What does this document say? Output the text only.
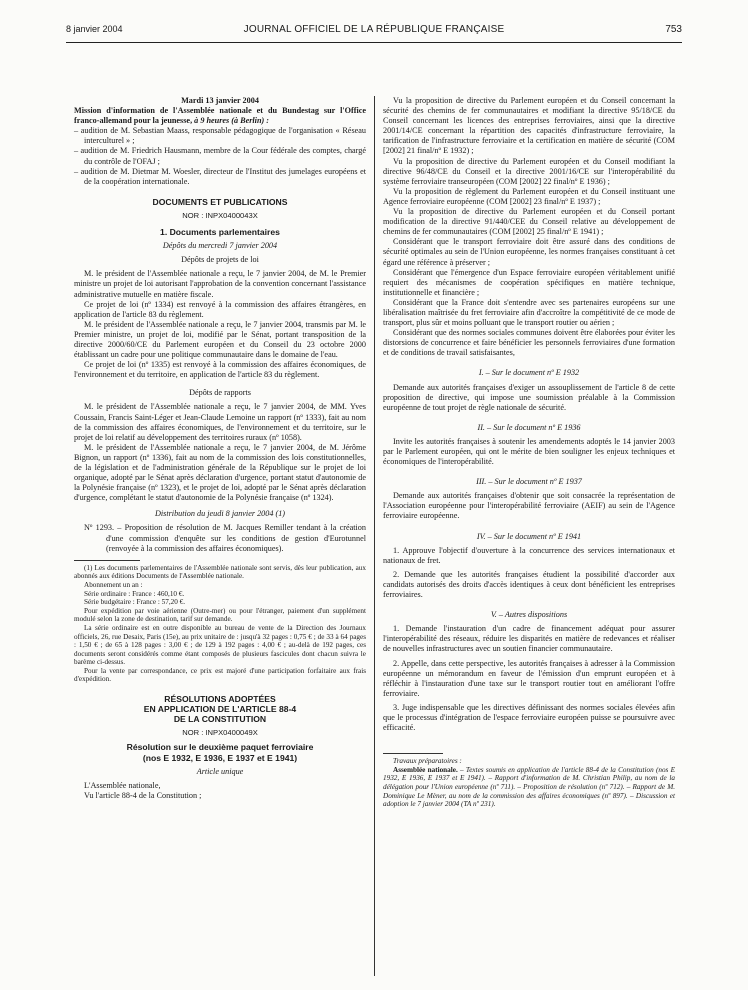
8 janvier 2004	JOURNAL OFFICIEL DE LA RÉPUBLIQUE FRANÇAISE	753

Mardi 13 janvier 2004

Mission d'information de l'Assemblée nationale et du Bundestag sur l'Office franco-allemand pour la jeunesse, à 9 heures (à Berlin) :

– audition de M. Sebastian Maass, responsable pédagogique de l'organisation « Réseau interculturel » ;

– audition de M. Friedrich Hausmann, membre de la Cour fédérale des comptes, chargé du contrôle de l'OFAJ ;

– audition de M. Dietmar M. Woesler, directeur de l'Institut des jumelages européens et de la coopération internationale.

DOCUMENTS ET PUBLICATIONS

NOR : INPX0400043X

1. Documents parlementaires

Dépôts du mercredi 7 janvier 2004

Dépôts de projets de loi

M. le président de l'Assemblée nationale a reçu, le 7 janvier 2004, de M. le Premier ministre un projet de loi autorisant l'approbation de la convention concernant l'assistance administrative mutuelle en matière fiscale.

Ce projet de loi (nº 1334) est renvoyé à la commission des affaires étrangères, en application de l'article 83 du règlement.

M. le président de l'Assemblée nationale a reçu, le 7 janvier 2004, transmis par M. le Premier ministre, un projet de loi, modifié par le Sénat, portant transposition de la directive 2000/60/CE du Parlement européen et du Conseil du 23 octobre 2000 établissant un cadre pour une politique communautaire dans le domaine de l'eau.

Ce projet de loi (nº 1335) est renvoyé à la commission des affaires économiques, de l'environnement et du territoire, en application de l'article 83 du règlement.

Dépôts de rapports

M. le président de l'Assemblée nationale a reçu, le 7 janvier 2004, de MM. Yves Coussain, Francis Saint-Léger et Jean-Claude Lemoine un rapport (nº 1333), fait au nom de la commission des affaires économiques, de l'environnement et du territoire, sur le projet de loi relatif au développement des territoires ruraux (nº 1058).

M. le président de l'Assemblée nationale a reçu, le 7 janvier 2004, de M. Jérôme Bignon, un rapport (nº 1336), fait au nom de la commission des lois constitutionnelles, de la législation et de l'administration générale de la République sur le projet de loi organique, adopté par le Sénat après déclaration d'urgence, portant statut d'autonomie de la Polynésie française (nº 1323), et le projet de loi, adopté par le Sénat après déclaration d'urgence, complétant le statut d'autonomie de la Polynésie française (nº 1324).

Distribution du jeudi 8 janvier 2004 (1)

Nº 1293. – Proposition de résolution de M. Jacques Remiller tendant à la création d'une commission d'enquête sur les conditions de gestion d'Eurotunnel (renvoyée à la commission des affaires économiques).

(1) Les documents parlementaires de l'Assemblée nationale sont servis, dès leur publication, aux abonnés aux éditions Documents de l'Assemblée nationale.

Abonnement un an :

Série ordinaire : France : 460,10 €.

Série budgétaire : France : 57,20 €.

Pour expédition par voie aérienne (Outre-mer) ou pour l'étranger, paiement d'un supplément modulé selon la zone de destination, tarif sur demande.

La série ordinaire est en outre disponible au bureau de vente de la Direction des Journaux officiels, 26, rue Desaix, Paris (15e), au prix unitaire de : jusqu'à 32 pages : 0,75 € ; de 33 à 64 pages : 1,50 € ; de 65 à 128 pages : 3,00 € ; de 129 à 192 pages : 4,00 € ; au-delà de 192 pages, ces documents seront considérés comme étant composés de plusieurs fascicules dont chacun suivra le barème ci-dessus.

Pour la vente par correspondance, ce prix est majoré d'une participation forfaitaire aux frais d'expédition.

RÉSOLUTIONS ADOPTÉES

EN APPLICATION DE L'ARTICLE 88-4

DE LA CONSTITUTION

NOR : INPX0400049X

Résolution sur le deuxième paquet ferroviaire

(nos E 1932, E 1936, E 1937 et E 1941)

Article unique

L'Assemblée nationale,

Vu l'article 88-4 de la Constitution ;

Vu la proposition de directive du Parlement européen et du Conseil concernant la sécurité des chemins de fer communautaires et modifiant la directive 95/18/CE du Conseil concernant les licences des entreprises ferroviaires, ainsi que la directive 2001/14/CE concernant la répartition des capacités d'infrastructure ferroviaire, la tarification de l'infrastructure ferroviaire et la certification en matière de sécurité (COM [2002] 21 final/nº E 1932) ;

Vu la proposition de directive du Parlement européen et du Conseil modifiant la directive 96/48/CE du Conseil et la directive 2001/16/CE sur l'interopérabilité du système ferroviaire transeuropéen (COM [2002] 22 final/nº E 1936) ;

Vu la proposition de règlement du Parlement européen et du Conseil instituant une Agence ferroviaire européenne (COM [2002] 23 final/nº E 1937) ;

Vu la proposition de directive du Parlement européen et du Conseil portant modification de la directive 91/440/CEE du Conseil relative au développement de chemins de fer communautaires (COM [2002] 25 final/nº E 1941) ;

Considérant que le transport ferroviaire doit être assuré dans des conditions de sécurité optimales au sein de l'Union européenne, les normes françaises constituant à cet égard une référence à préserver ;

Considérant que l'émergence d'un Espace ferroviaire européen véritablement unifié requiert des mécanismes de coopération spécifiques en matière technique, institutionnelle et financière ;

Considérant que la France doit s'entendre avec ses partenaires européens sur une libéralisation maîtrisée du fret ferroviaire afin d'accroître la compétitivité de ce mode de transport, plus sûr et moins polluant que le transport routier ou aérien ;

Considérant que des normes sociales communes doivent être élaborées pour éviter les distorsions de concurrence et faire bénéficier les personnels ferroviaires d'une formation et de conditions de travail satisfaisantes,

I. – Sur le document nº E 1932

Demande aux autorités françaises d'exiger un assouplissement de l'article 8 de cette proposition de directive, qui impose une soumission préalable à la Commission européenne de tout projet de règle nationale de sécurité.

II. – Sur le document nº E 1936

Invite les autorités françaises à soutenir les amendements adoptés le 14 janvier 2003 par le Parlement européen, qui ont le mérite de bien souligner les enjeux techniques et économiques de l'interopérabilité.

III. – Sur le document nº E 1937

Demande aux autorités françaises d'obtenir que soit consacrée la représentation de l'Association européenne pour l'interopérabilité ferroviaire (AEIF) au sein de l'Agence ferroviaire européenne.

IV. – Sur le document nº E 1941

1. Approuve l'objectif d'ouverture à la concurrence des services internationaux et nationaux de fret.

2. Demande que les autorités françaises étudient la possibilité d'accorder aux candidats autorisés des droits d'accès identiques à ceux dont bénéficient les entreprises ferroviaires.

V. – Autres dispositions

1. Demande l'instauration d'un cadre de financement adéquat pour assurer l'interopérabilité des réseaux, réduire les disparités en matière de redevances et réaliser de nouvelles infrastructures avec un soutien financier communautaire.

2. Appelle, dans cette perspective, les autorités françaises à adresser à la Commission européenne un mémorandum en faveur de l'émission d'un emprunt européen et à réfléchir à l'instauration d'une taxe sur le transport routier tout en améliorant l'offre ferroviaire.

3. Juge indispensable que les directives définissant des normes sociales élevées afin que le processus d'intégration de l'espace ferroviaire européen puisse se poursuivre avec efficacité.

Travaux préparatoires :

Assemblée nationale. – Textes soumis en application de l'article 88-4 de la Constitution (nos E 1932, E 1936, E 1937 et E 1941). – Rapport d'information de M. Christian Philip, au nom de la délégation pour l'Union européenne (nº 711). – Proposition de résolution (nº 712). – Rapport de M. Dominique Le Mèner, au nom de la commission des affaires économiques (nº 897). – Discussion et adoption le 7 janvier 2004 (TA nº 231).
